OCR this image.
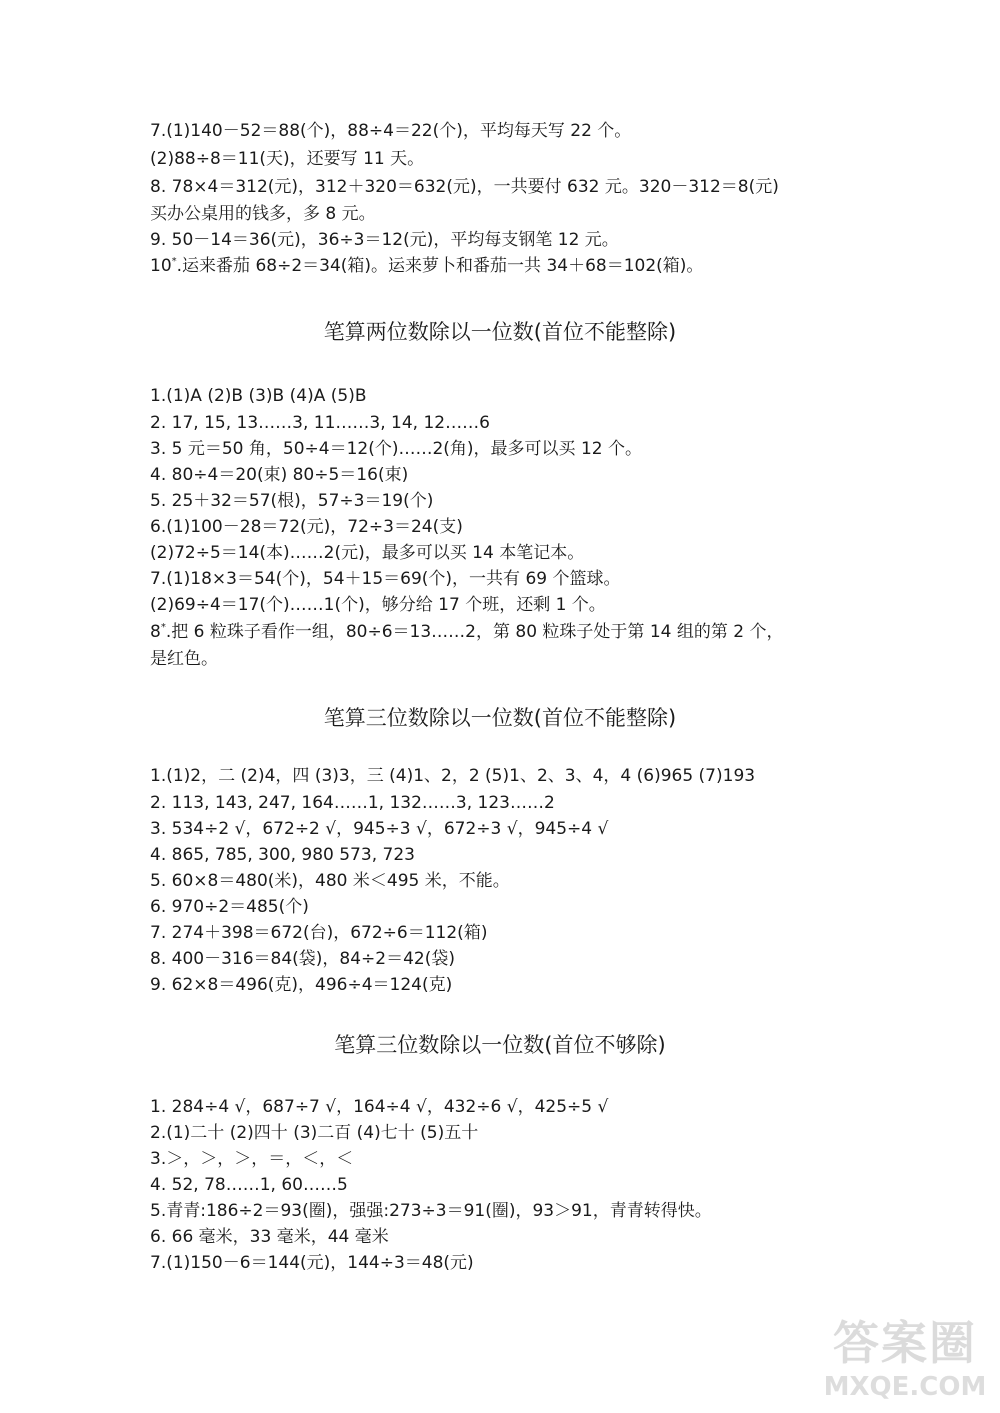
7.(1)140－52＝88(个)，88÷4＝22(个)，平均每天写 22 个。

(2)88÷8＝11(天)，还要写 11 天。

8. 78×4＝312(元)，312＋320＝632(元)，一共要付 632 元。320－312＝8(元)

买办公桌用的钱多，多 8 元。

9. 50－14＝36(元)，36÷3＝12(元)，平均每支钢笔 12 元。

10*.运来番茄 68÷2＝34(箱)。运来萝卜和番茄一共 34＋68＝102(箱)。

笔算两位数除以一位数(首位不能整除)

1.(1)A (2)B (3)B (4)A (5)B

2. 17, 15, 13……3, 11……3, 14, 12……6

3. 5 元＝50 角，50÷4＝12(个)……2(角)，最多可以买 12 个。

4. 80÷4＝20(束) 80÷5＝16(束)

5. 25＋32＝57(根)，57÷3＝19(个)

6.(1)100－28＝72(元)，72÷3＝24(支)

(2)72÷5＝14(本)……2(元)，最多可以买 14 本笔记本。

7.(1)18×3＝54(个)，54＋15＝69(个)，一共有 69 个篮球。

(2)69÷4＝17(个)……1(个)，够分给 17 个班，还剩 1 个。

8*.把 6 粒珠子看作一组，80÷6＝13……2，第 80 粒珠子处于第 14 组的第 2 个，

是红色。

笔算三位数除以一位数(首位不能整除)

1.(1)2，二 (2)4，四 (3)3，三 (4)1、2，2 (5)1、2、3、4，4 (6)965 (7)193

2. 113, 143, 247, 164……1, 132……3, 123……2

3. 534÷2 √，672÷2 √，945÷3 √，672÷3 √，945÷4 √

4. 865, 785, 300, 980 573, 723

5. 60×8＝480(米)，480 米＜495 米，不能。

6. 970÷2＝485(个)

7. 274＋398＝672(台)，672÷6＝112(箱)

8. 400－316＝84(袋)，84÷2＝42(袋)

9. 62×8＝496(克)，496÷4＝124(克)

笔算三位数除以一位数(首位不够除)

1. 284÷4 √，687÷7 √，164÷4 √，432÷6 √，425÷5 √

2.(1)二十 (2)四十 (3)二百 (4)七十 (5)五十

3.＞，＞，＞，＝，＜，＜

4. 52, 78……1, 60……5

5.青青:186÷2＝93(圈)，强强:273÷3＝91(圈)，93＞91，青青转得快。

6. 66 毫米，33 毫米，44 毫米

7.(1)150－6＝144(元)，144÷3＝48(元)

答案圈
MXQE.COM
